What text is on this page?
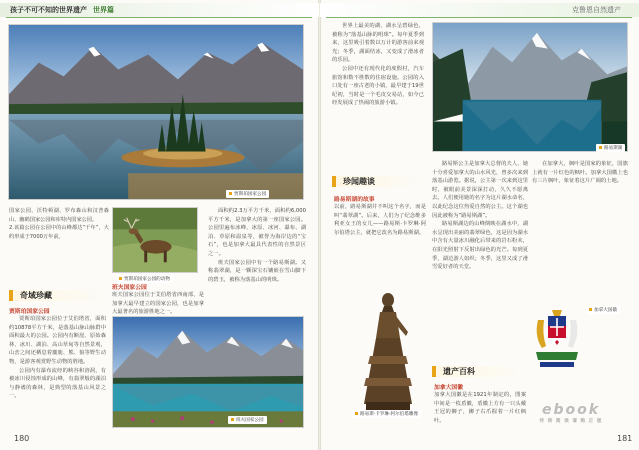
孩子不可不知的世界遗产 世界篇	克鲁恩自然遗产
贾斯珀国家公园
国家公园、沃特顿湖、罗布森山和汉普森山、幽鹤国家公园和库特内国家公园。
2.该篇公园在公园中的山峰都达“千年”，大约形成于7000万年前。
贾斯珀国家公园的动物

面积约2.3万平方千米，面积约6,000平方千米，是加拿大的第一座国家公园。公园里遍布冰峰、冰原、冰河、瀑布、湖泊、草原和温泉等，被誉为海岸边的“宝石”，也是加拿大最具代表性的自然景区之一。

班夫国家公园中有一个路易斯湖。又称翡翠湖，是一颗深宝石镶嵌在雪山脚下的碧玉，被称为落基山的明珠。

奇域珍藏
贾斯珀国家公园

贾斯珀国家公园位于艾伯塔省，面积约10878平方千米，是落基山脉山脉群中面积最大的公园。公园内有断崖、原始森林、冰川、湖泊、高山草甸等自然景观，山峦之间还栖息着麋鹿、熊、狼等野生动物，是游客观赏野生动物的胜地。

公园内有瀑布流经的峡谷和溶洞，有被冰川侵蚀形成的山峰，有翡翠般的湖泊与静谧的森林，是典型的落基山风景之一。

班夫国家公园
班夫国家公园位于艾伯塔省西南部，是加拿大最早建立的国家公园，也是加拿大最著名的旅游胜地之一。
班夫国家公园
180

世界上最美的湖，湖水呈碧绿色，被称为“落基山脉的明珠”。每年夏季到来，这里吸引着数以万计的游客前来观光；冬季，湖面结冰，又变成了滑冰者的乐园。

公园中还有现代化的度假村，汽车旅馆和数不胜数的住宿设施。公园的入口处有一座古老的小镇，最早建于19世纪初，当时是一个毛皮交易站，如今已经发展成了热闹的旅游小镇。

路易斯湖
珍闻趣谈
路易斯湖的故事
以前，路易斯湖并不叫这个名字，而是叫“翡翠湖”。后来，人们为了纪念维多利亚女王的女儿——路易斯·卡罗琳·阿尔伯塔公主，就把它改名为路易斯湖。
路易斯·卡罗琳·阿尔伯塔雕像

路易斯公主是加拿大总督的夫人，她十分喜爱加拿大的山水风光，曾多次来到落基山游览。据说，公主第一次来到这里时，被眼前美景深深打动，久久不愿离去。人们便用她的名字为这片湖水命名，以此纪念这位热爱自然的公主。这个湖也因此被称为“路易斯湖”。

路易斯湖边的山峰倒映在湖水中，湖水呈现出美丽的翡翠绿色，这是因为湖水中含有大量冰川融化后带来的岩石粉末，在阳光照射下反射出绿色的光芒。每到夏季，湖边游人如织；冬季，这里又成了滑雪爱好者的天堂。

在加拿大，枫叶是国家的象征，国旗上就有一片红色的枫叶。加拿大国徽上也有三片枫叶，象征着这片广阔的土地。

加拿大国徽
遗产百科
加拿大国徽
加拿大国徽是在1921年制定的，图案中间是一枚盾徽，盾徽上方有一只头戴王冠的狮子，狮子右爪握着一片红枫叶。
ebook
传 转 阅 读 请 购 正 版
181
